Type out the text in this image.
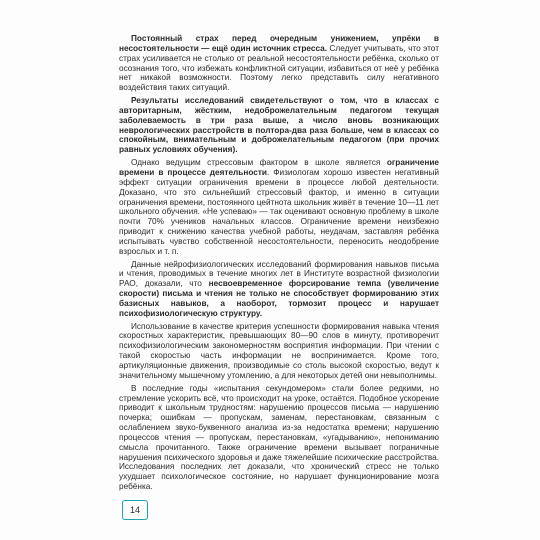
Постоянный страх перед очередным унижением, упрёки в несостоятельности — ещё один источник стресса. Следует учитывать, что этот страх усиливается не столько от реальной несостоятельности ребёнка, сколько от осознания того, что избежать конфликтной ситуации, избавиться от неё у ребёнка нет никакой возможности. Поэтому легко представить силу негативного воздействия таких ситуаций.

Результаты исследований свидетельствуют о том, что в классах с авторитарным, жёстким, недоброжелательным педагогом текущая заболеваемость в три раза выше, а число вновь возникающих неврологических расстройств в полтора-два раза больше, чем в классах со спокойным, внимательным и доброжелательным педагогом (при прочих равных условиях обучения).

Однако ведущим стрессовым фактором в школе является ограничение времени в процессе деятельности. Физиологам хорошо известен негативный эффект ситуации ограничения времени в процессе любой деятельности. Доказано, что это сильнейший стрессовый фактор, и именно в ситуации ограничения времени, постоянного цейтнота школьник живёт в течение 10—11 лет школьного обучения. «Не успеваю» — так оценивают основную проблему в школе почти 70% учеников начальных классов. Ограничение времени неизбежно приводит к снижению качества учебной работы, неудачам, заставляя ребёнка испытывать чувство собственной несостоятельности, переносить неодобрение взрослых и т. п.

Данные нейрофизиологических исследований формирования навыков письма и чтения, проводимых в течение многих лет в Институте возрастной физиологии РАО, доказали, что несвоевременное форсирование темпа (увеличение скорости) письма и чтения не только не способствует формированию этих базисных навыков, а наоборот, тормозит процесс и нарушает психофизиологическую структуру.

Использование в качестве критерия успешности формирования навыка чтения скоростных характеристик, превышающих 80—90 слов в минуту, противоречит психофизиологическим закономерностям восприятия информации. При чтении с такой скоростью часть информации не воспринимается. Кроме того, артикуляционные движения, производимые со столь высокой скоростью, ведут к значительному мышечному утомлению, а для некоторых детей они невыполнимы.

В последние годы «испытания секундомером» стали более редкими, но стремление ускорить всё, что происходит на уроке, остаётся. Подобное ускорение приводит к школьным трудностям: нарушению процессов письма — нарушению почерка; ошибкам — пропускам, заменам, перестановкам, связанным с ослаблением звуко-буквенного анализа из-за недостатка времени; нарушению процессов чтения — пропускам, перестановкам, «угадыванию», непониманию смысла прочитанного. Также ограничение времени вызывает пограничные нарушения психического здоровья и даже тяжелейшие психические расстройства. Исследования последних лет доказали, что хронический стресс не только ухудшает психологическое состояние, но нарушает функционирование мозга ребёнка.

14
